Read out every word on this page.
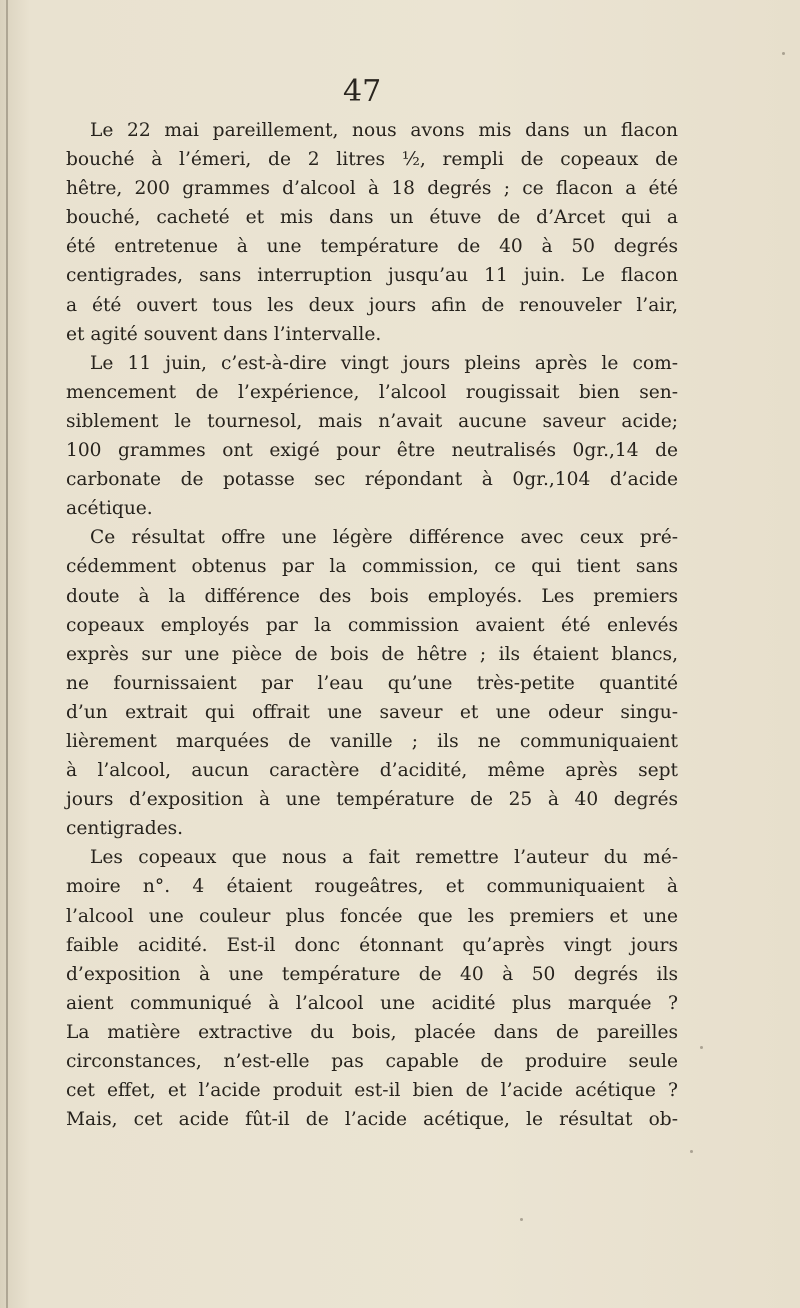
47

Le 22 mai pareillement, nous avons mis dans un flacon
bouché à l’émeri, de 2 litres ½, rempli de copeaux de
hêtre, 200 grammes d’alcool à 18 degrés ; ce flacon a été
bouché, cacheté et mis dans un étuve de d’Arcet qui a
été entretenue à une température de 40 à 50 degrés
centigrades, sans interruption jusqu’au 11 juin. Le flacon
a été ouvert tous les deux jours afin de renouveler l’air,
et agité souvent dans l’intervalle.

Le 11 juin, c’est-à-dire vingt jours pleins après le com-
mencement de l’expérience, l’alcool rougissait bien sen-
siblement le tournesol, mais n’avait aucune saveur acide;
100 grammes ont exigé pour être neutralisés 0gr.,14 de
carbonate de potasse sec répondant à 0gr.,104 d’acide
acétique.

Ce résultat offre une légère différence avec ceux pré-
cédemment obtenus par la commission, ce qui tient sans
doute à la différence des bois employés. Les premiers
copeaux employés par la commission avaient été enlevés
exprès sur une pièce de bois de hêtre ; ils étaient blancs,
ne fournissaient par l’eau qu’une très-petite quantité
d’un extrait qui offrait une saveur et une odeur singu-
lièrement marquées de vanille ; ils ne communiquaient
à l’alcool, aucun caractère d’acidité, même après sept
jours d’exposition à une température de 25 à 40 degrés
centigrades.

Les copeaux que nous a fait remettre l’auteur du mé-
moire n°. 4 étaient rougeâtres, et communiquaient à
l’alcool une couleur plus foncée que les premiers et une
faible acidité. Est-il donc étonnant qu’après vingt jours
d’exposition à une température de 40 à 50 degrés ils
aient communiqué à l’alcool une acidité plus marquée ?
La matière extractive du bois, placée dans de pareilles
circonstances, n’est-elle pas capable de produire seule
cet effet, et l’acide produit est-il bien de l’acide acétique ?
Mais, cet acide fût-il de l’acide acétique, le résultat ob-
